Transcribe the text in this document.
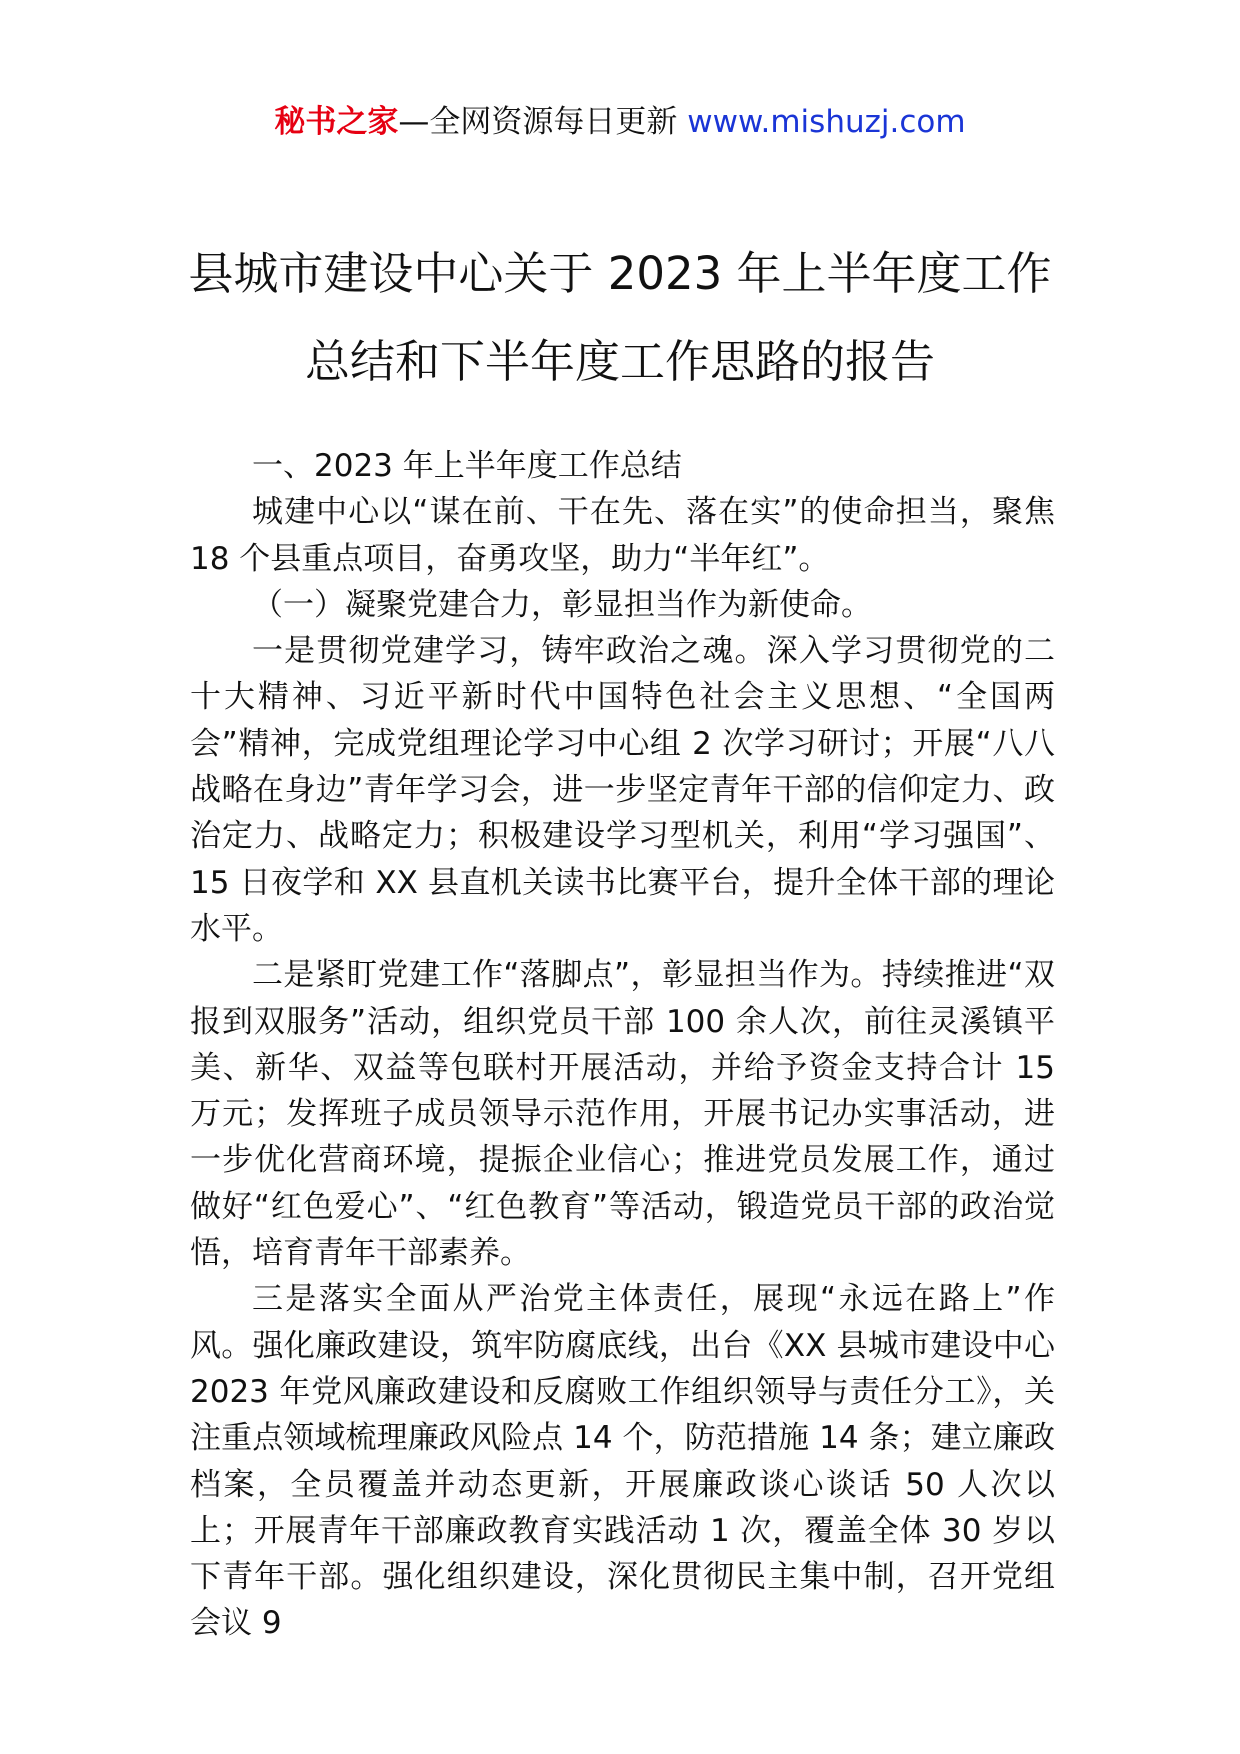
秘书之家—全网资源每日更新 www.mishuzj.com
县城市建设中心关于 2023 年上半年度工作
总结和下半年度工作思路的报告

一、2023 年上半年度工作总结

城建中心以“谋在前、干在先、落在实”的使命担当，聚焦 18 个县重点项目，奋勇攻坚，助力“半年红”。

（一）凝聚党建合力，彰显担当作为新使命。

一是贯彻党建学习，铸牢政治之魂。深入学习贯彻党的二十大精神、习近平新时代中国特色社会主义思想、“全国两会”精神，完成党组理论学习中心组 2 次学习研讨；开展“八八战略在身边”青年学习会，进一步坚定青年干部的信仰定力、政治定力、战略定力；积极建设学习型机关，利用“学习强国”、15 日夜学和 XX 县直机关读书比赛平台，提升全体干部的理论水平。

二是紧盯党建工作“落脚点”，彰显担当作为。持续推进“双报到双服务”活动，组织党员干部 100 余人次，前往灵溪镇平美、新华、双益等包联村开展活动，并给予资金支持合计 15 万元；发挥班子成员领导示范作用，开展书记办实事活动，进一步优化营商环境，提振企业信心；推进党员发展工作，通过做好“红色爱心”、“红色教育”等活动，锻造党员干部的政治觉悟，培育青年干部素养。

三是落实全面从严治党主体责任，展现“永远在路上”作风。强化廉政建设，筑牢防腐底线，出台《XX 县城市建设中心 2023 年党风廉政建设和反腐败工作组织领导与责任分工》，关注重点领域梳理廉政风险点 14 个，防范措施 14 条；建立廉政档案，全员覆盖并动态更新，开展廉政谈心谈话 50 人次以上；开展青年干部廉政教育实践活动 1 次，覆盖全体 30 岁以下青年干部。强化组织建设，深化贯彻民主集中制，召开党组会议 9
